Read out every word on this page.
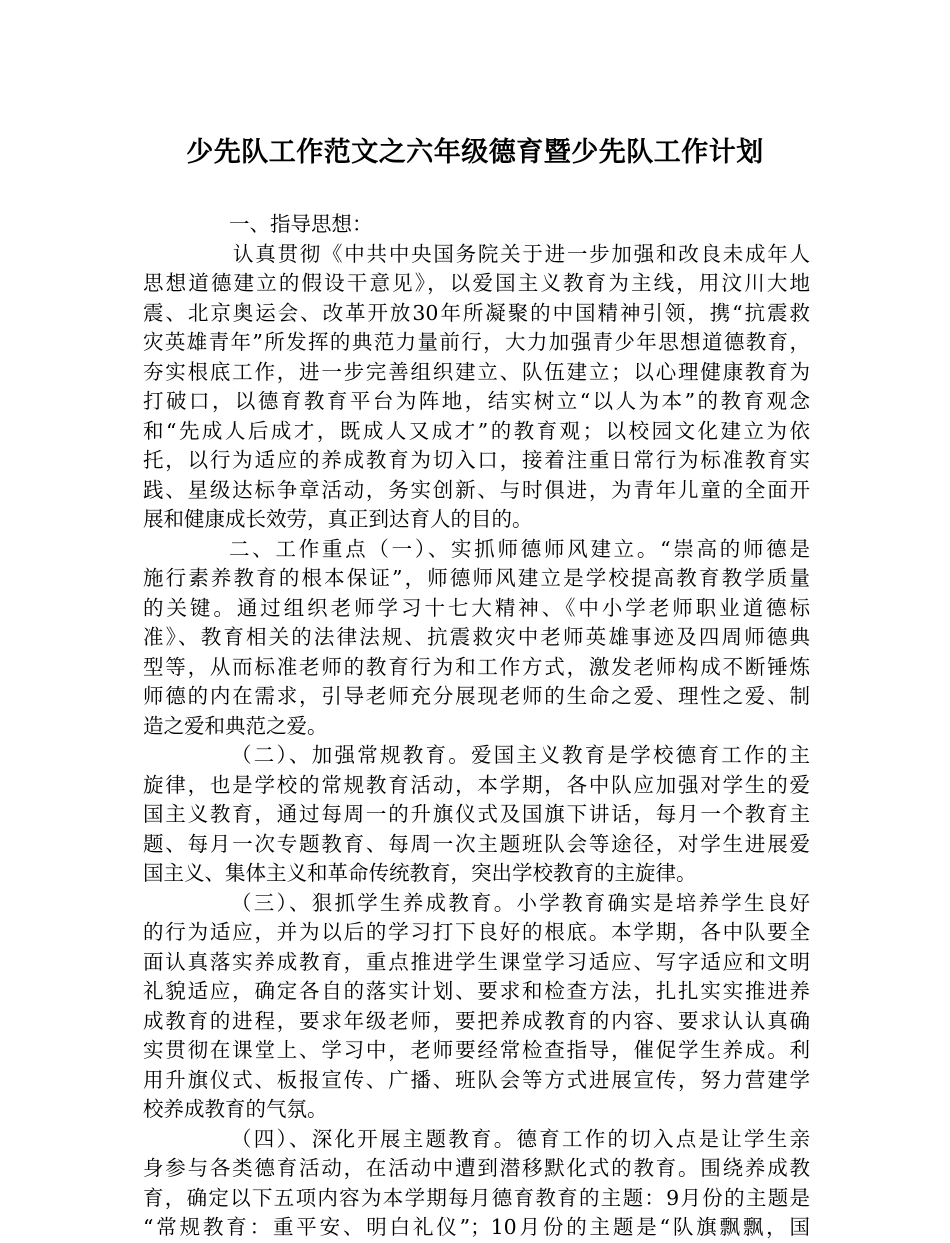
少先队工作范文之六年级德育暨少先队工作计划
一、指导思想：
认真贯彻《中共中央国务院关于进一步加强和改良未成年人
思想道德建立的假设干意见》，以爱国主义教育为主线，用汶川大地
震、北京奥运会、改革开放30年所凝聚的中国精神引领，携“抗震救
灾英雄青年”所发挥的典范力量前行，大力加强青少年思想道德教育，
夯实根底工作，进一步完善组织建立、队伍建立；以心理健康教育为
打破口，以德育教育平台为阵地，结实树立“以人为本”的教育观念
和“先成人后成才，既成人又成才”的教育观；以校园文化建立为依
托，以行为适应的养成教育为切入口，接着注重日常行为标准教育实
践、星级达标争章活动，务实创新、与时俱进，为青年儿童的全面开
展和健康成长效劳，真正到达育人的目的。
二、工作重点（一）、实抓师德师风建立。“崇高的师德是
施行素养教育的根本保证”，师德师风建立是学校提高教育教学质量
的关键。通过组织老师学习十七大精神、《中小学老师职业道德标
准》、教育相关的法律法规、抗震救灾中老师英雄事迹及四周师德典
型等，从而标准老师的教育行为和工作方式，激发老师构成不断锤炼
师德的内在需求，引导老师充分展现老师的生命之爱、理性之爱、制
造之爱和典范之爱。
（二）、加强常规教育。爱国主义教育是学校德育工作的主
旋律，也是学校的常规教育活动，本学期，各中队应加强对学生的爱
国主义教育，通过每周一的升旗仪式及国旗下讲话，每月一个教育主
题、每月一次专题教育、每周一次主题班队会等途径，对学生进展爱
国主义、集体主义和革命传统教育，突出学校教育的主旋律。
（三）、狠抓学生养成教育。小学教育确实是培养学生良好
的行为适应，并为以后的学习打下良好的根底。本学期，各中队要全
面认真落实养成教育，重点推进学生课堂学习适应、写字适应和文明
礼貌适应，确定各自的落实计划、要求和检查方法，扎扎实实推进养
成教育的进程，要求年级老师，要把养成教育的内容、要求认认真确
实贯彻在课堂上、学习中，老师要经常检查指导，催促学生养成。利
用升旗仪式、板报宣传、广播、班队会等方式进展宣传，努力营建学
校养成教育的气氛。
（四）、深化开展主题教育。德育工作的切入点是让学生亲
身参与各类德育活动，在活动中遭到潜移默化式的教育。围绕养成教
育，确定以下五项内容为本学期每月德育教育的主题：9月份的主题是
“常规教育：重平安、明白礼仪”；10月份的主题是“队旗飘飘，国
